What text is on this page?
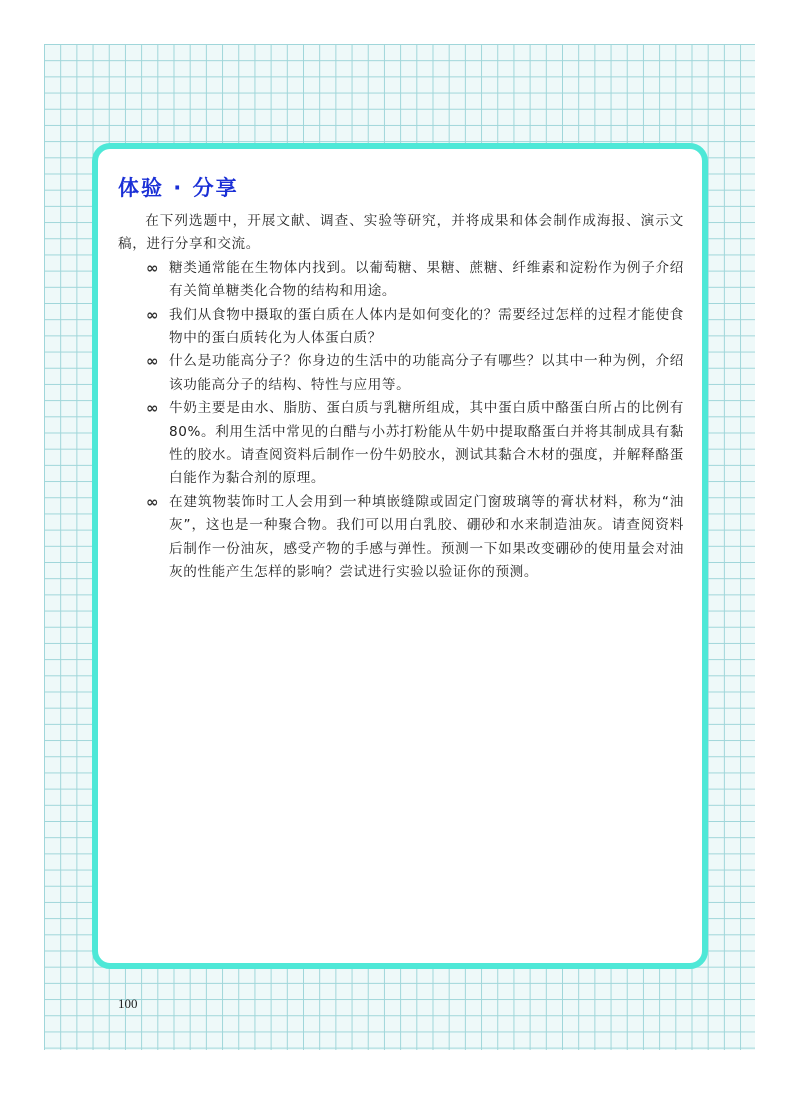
体验 · 分享

在下列选题中，开展文献、调查、实验等研究，并将成果和体会制作成海报、演示文稿，进行分享和交流。

∞ 糖类通常能在生物体内找到。以葡萄糖、果糖、蔗糖、纤维素和淀粉作为例子介绍有关简单糖类化合物的结构和用途。
∞ 我们从食物中摄取的蛋白质在人体内是如何变化的？需要经过怎样的过程才能使食物中的蛋白质转化为人体蛋白质？
∞ 什么是功能高分子？你身边的生活中的功能高分子有哪些？以其中一种为例，介绍该功能高分子的结构、特性与应用等。
∞ 牛奶主要是由水、脂肪、蛋白质与乳糖所组成，其中蛋白质中酪蛋白所占的比例有80%。利用生活中常见的白醋与小苏打粉能从牛奶中提取酪蛋白并将其制成具有黏性的胶水。请查阅资料后制作一份牛奶胶水，测试其黏合木材的强度，并解释酪蛋白能作为黏合剂的原理。
∞ 在建筑物装饰时工人会用到一种填嵌缝隙或固定门窗玻璃等的膏状材料，称为“油灰”，这也是一种聚合物。我们可以用白乳胶、硼砂和水来制造油灰。请查阅资料后制作一份油灰，感受产物的手感与弹性。预测一下如果改变硼砂的使用量会对油灰的性能产生怎样的影响？尝试进行实验以验证你的预测。
100
